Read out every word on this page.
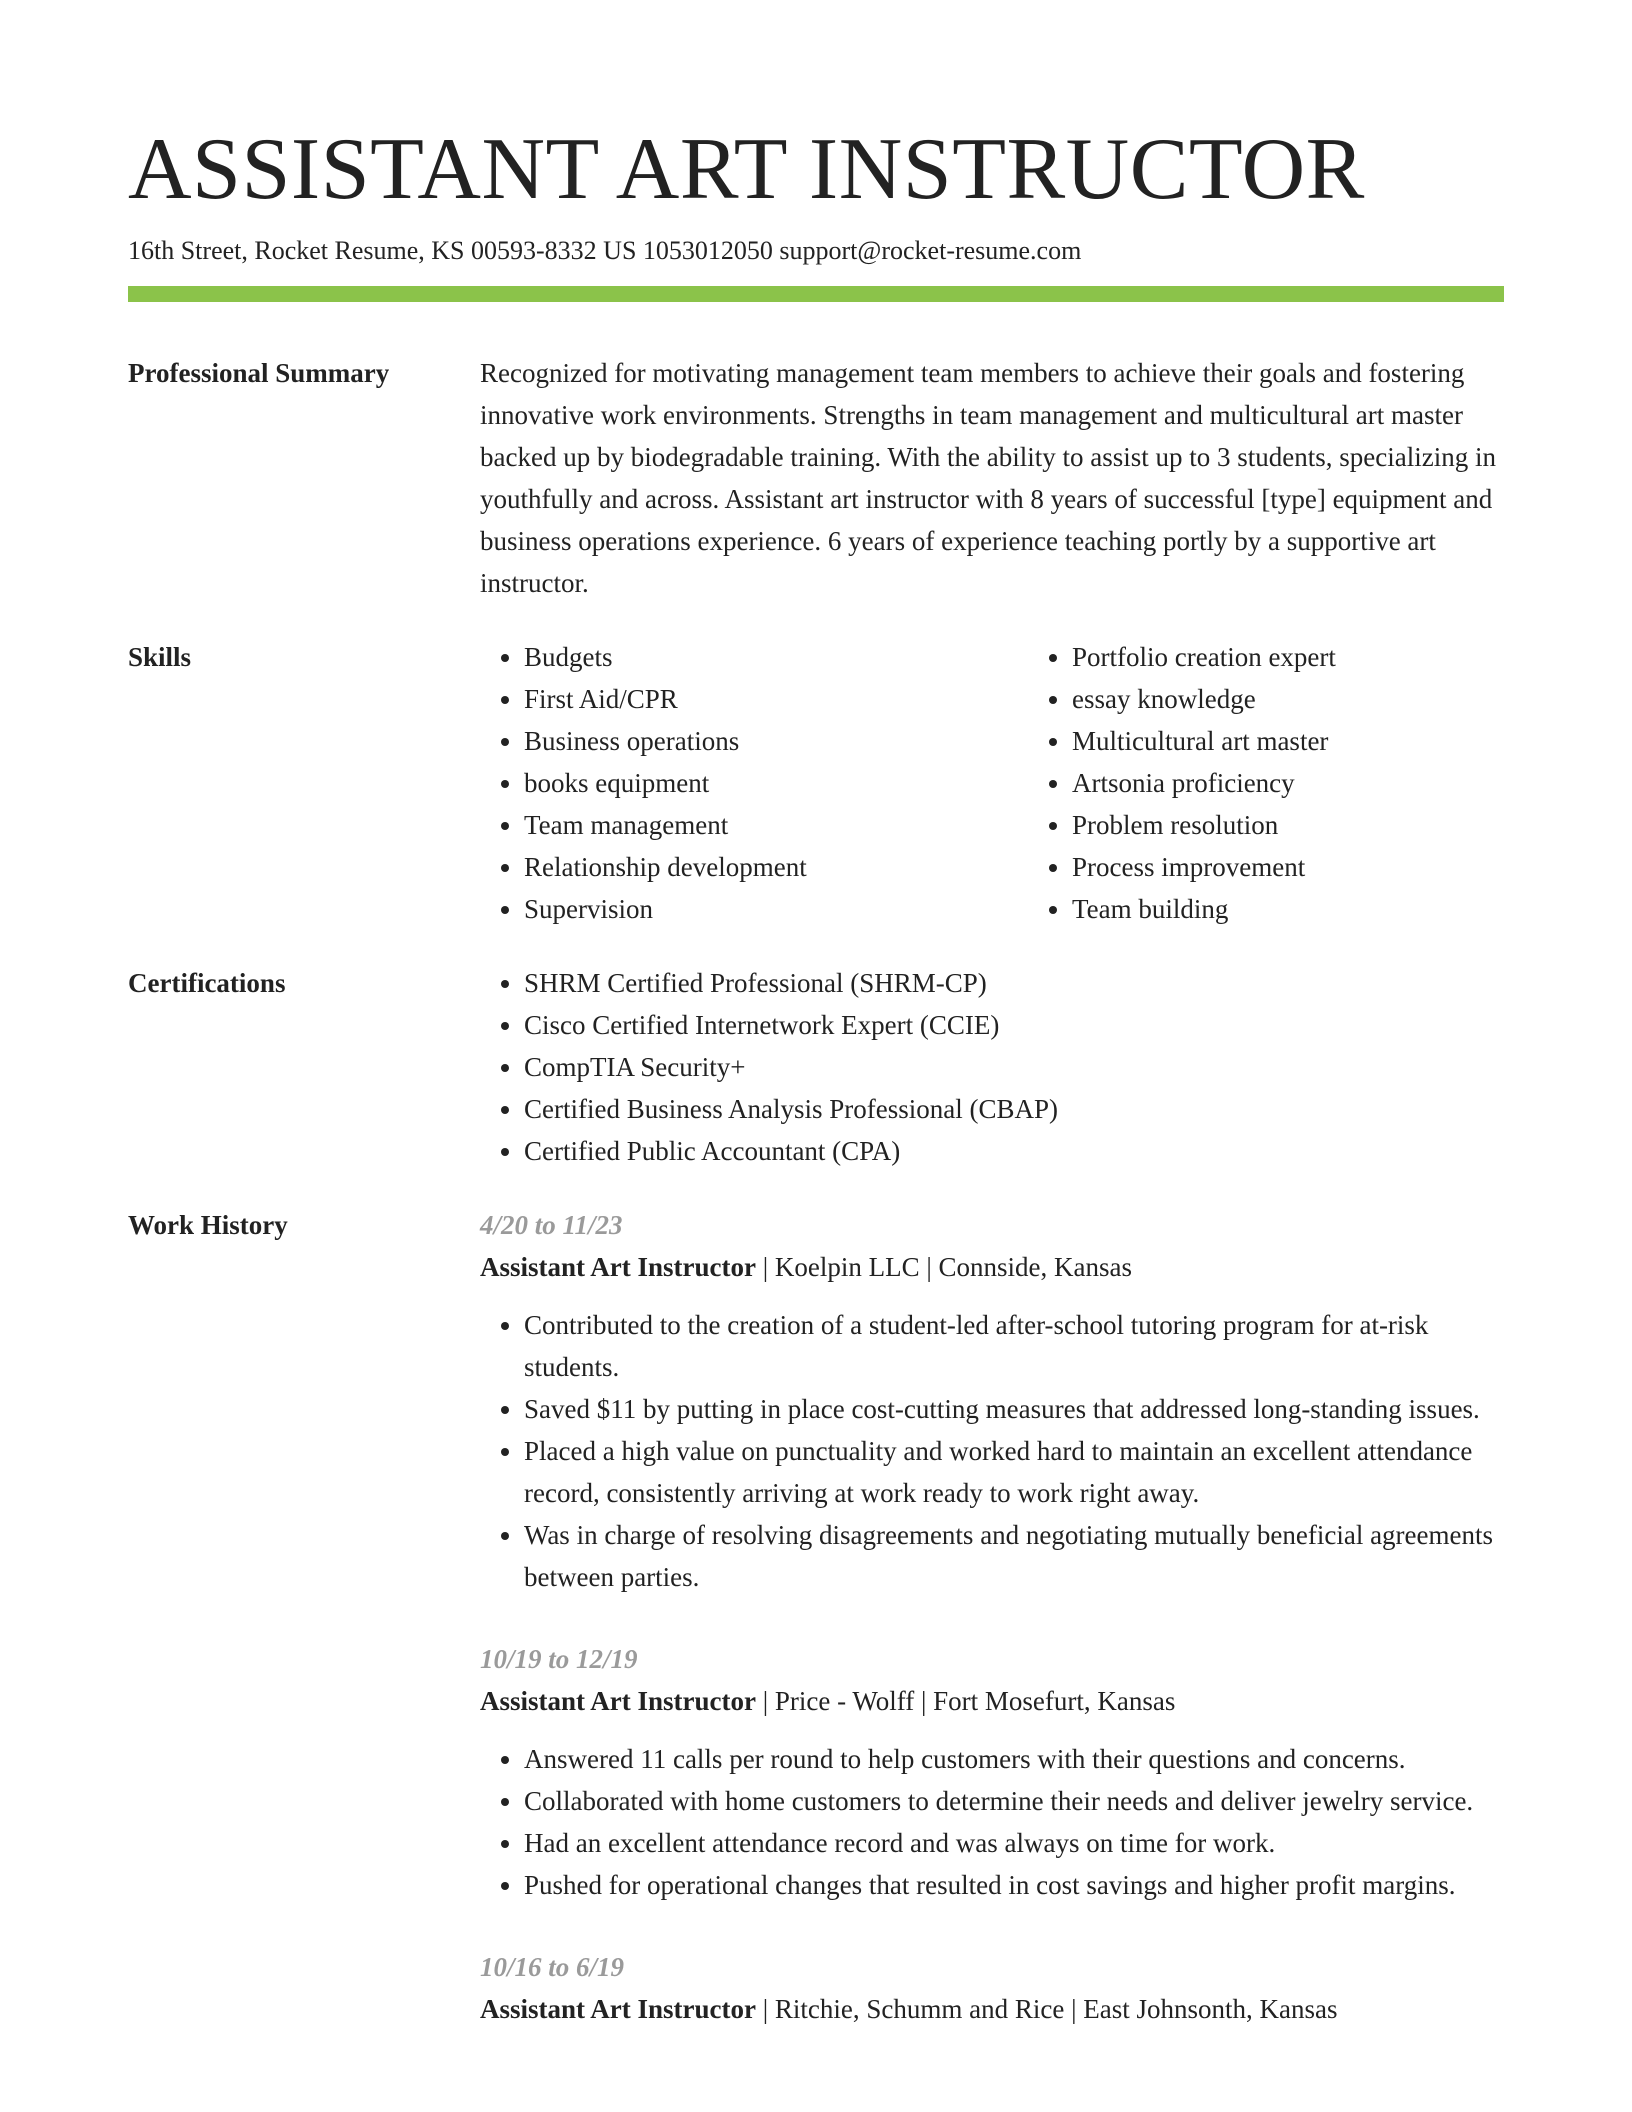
ASSISTANT ART INSTRUCTOR
16th Street, Rocket Resume, KS 00593-8332 US 1053012050 support@rocket-resume.com
Professional Summary	Recognized for motivating management team members to achieve their goals and fostering innovative work environments. Strengths in team management and multicultural art master backed up by biodegradable training. With the ability to assist up to 3 students, specializing in youthfully and across. Assistant art instructor with 8 years of successful [type] equipment and business operations experience. 6 years of experience teaching portly by a supportive art instructor.
Skills	• Budgets
• First Aid/CPR
• Business operations
• books equipment
• Team management
• Relationship development
• Supervision
• Portfolio creation expert
• essay knowledge
• Multicultural art master
• Artsonia proficiency
• Problem resolution
• Process improvement
• Team building
Certifications	• SHRM Certified Professional (SHRM-CP)
• Cisco Certified Internetwork Expert (CCIE)
• CompTIA Security+
• Certified Business Analysis Professional (CBAP)
• Certified Public Accountant (CPA)
Work History	4/20 to 11/23
Assistant Art Instructor | Koelpin LLC | Connside, Kansas
• Contributed to the creation of a student-led after-school tutoring program for at-risk students.
• Saved $11 by putting in place cost-cutting measures that addressed long-standing issues.
• Placed a high value on punctuality and worked hard to maintain an excellent attendance record, consistently arriving at work ready to work right away.
• Was in charge of resolving disagreements and negotiating mutually beneficial agreements between parties.
10/19 to 12/19
Assistant Art Instructor | Price - Wolff | Fort Mosefurt, Kansas
• Answered 11 calls per round to help customers with their questions and concerns.
• Collaborated with home customers to determine their needs and deliver jewelry service.
• Had an excellent attendance record and was always on time for work.
• Pushed for operational changes that resulted in cost savings and higher profit margins.
10/16 to 6/19
Assistant Art Instructor | Ritchie, Schumm and Rice | East Johnsonth, Kansas
